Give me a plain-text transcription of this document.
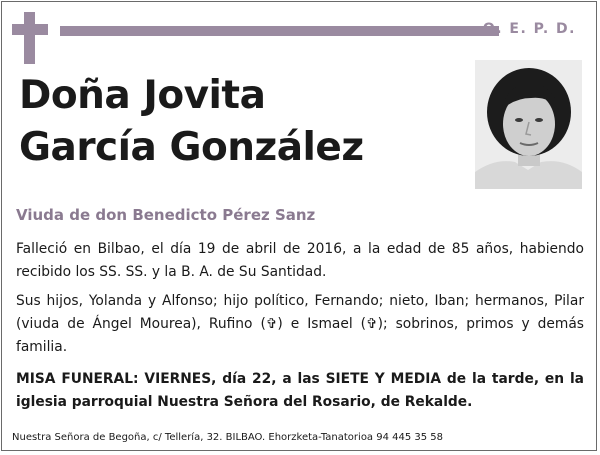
Q. E. P. D.
Doña Jovita
García González
Viuda de don Benedicto Pérez Sanz
Falleció en Bilbao, el día 19 de abril de 2016, a la edad de 85 años, habiendo recibido los SS. SS. y la B. A. de Su Santidad.
Sus hijos, Yolanda y Alfonso; hijo político, Fernando; nieto, Iban; hermanos, Pilar (viuda de Ángel Mourea), Rufino (✞) e Ismael (✞); sobrinos, primos y demás familia.
MISA FUNERAL: VIERNES, día 22, a las SIETE Y MEDIA de la tarde, en la iglesia parroquial Nuestra Señora del Rosario, de Rekalde.
Nuestra Señora de Begoña, c/ Tellería, 32. BILBAO. Ehorzketa-Tanatorioa 94 445 35 58
